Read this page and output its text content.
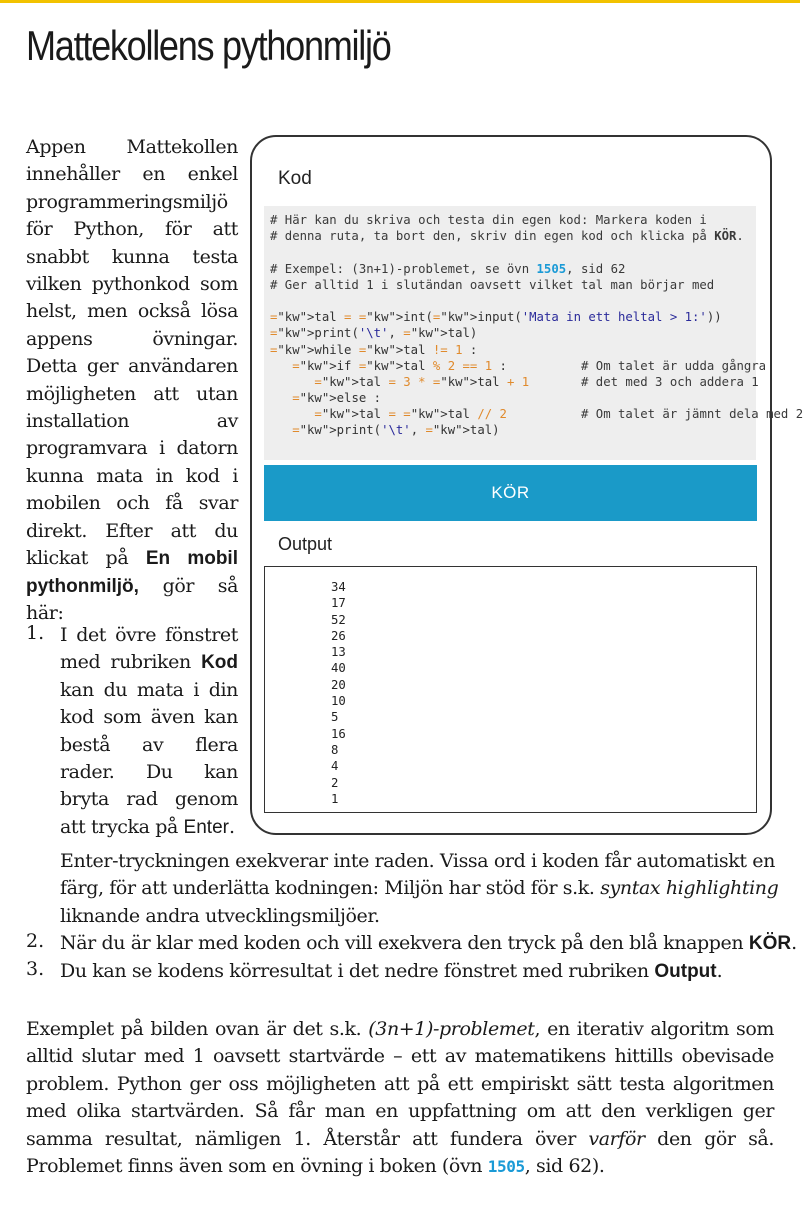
Mattekollens pythonmiljö

Appen Mattekollen innehåller en enkel programmeringsmiljö för Python, för att snabbt kunna testa vilken pythonkod som helst, men också lösa appens övningar. Detta ger användaren möjligheten att utan installation av programvara i datorn kunna mata in kod i mobilen och få svar direkt. Efter att du klickat på En mobil pythonmiljö, gör så här:

1. I det övre fönstret med rubriken Kod kan du mata i din kod som även kan bestå av flera rader. Du kan bryta rad genom att trycka på Enter.

Enter-tryckningen exekverar inte raden. Vissa ord i koden får automatiskt en färg, för att underlätta kodningen: Miljön har stöd för s.k. syntax highlighting liknande andra utvecklingsmiljöer.

2. När du är klar med koden och vill exekvera den tryck på den blå knappen KÖR.

3. Du kan se kodens körresultat i det nedre fönstret med rubriken Output.

Exemplet på bilden ovan är det s.k. (3n+1)-problemet, en iterativ algoritm som alltid slutar med 1 oavsett startvärde – ett av matematikens hittills obevisade problem. Python ger oss möjligheten att på ett empiriskt sätt testa algoritmen med olika startvärden. Så får man en uppfattning om att den verkligen ger samma resultat, nämligen 1. Återstår att fundera över varför den gör så. Problemet finns även som en övning i boken (övn 1505, sid 62).

Kod
# Här kan du skriva och testa din egen kod: Markera koden i
# denna ruta, ta bort den, skriv din egen kod och klicka på KÖR.

# Exempel: (3n+1)-problemet, se övn 1505, sid 62
# Ger alltid 1 i slutändan oavsett vilket tal man börjar med

="kw">tal = ="kw">int(="kw">input('Mata in ett heltal > 1:'))
="kw">print('\t', ="kw">tal)
="kw">while ="kw">tal != 1 :
="kw">if ="kw">tal % 2 == 1 :          # Om talet är udda gångra
="kw">tal = 3 * ="kw">tal + 1	# det med 3 och addera 1
="kw">else :
="kw">tal = ="kw">tal // 2	# Om talet är jämnt dela med 2
="kw">print('\t', ="kw">tal)
KÖR
Output
34
17
52
26
13
40
20
10
5
16
8
4
2
1
